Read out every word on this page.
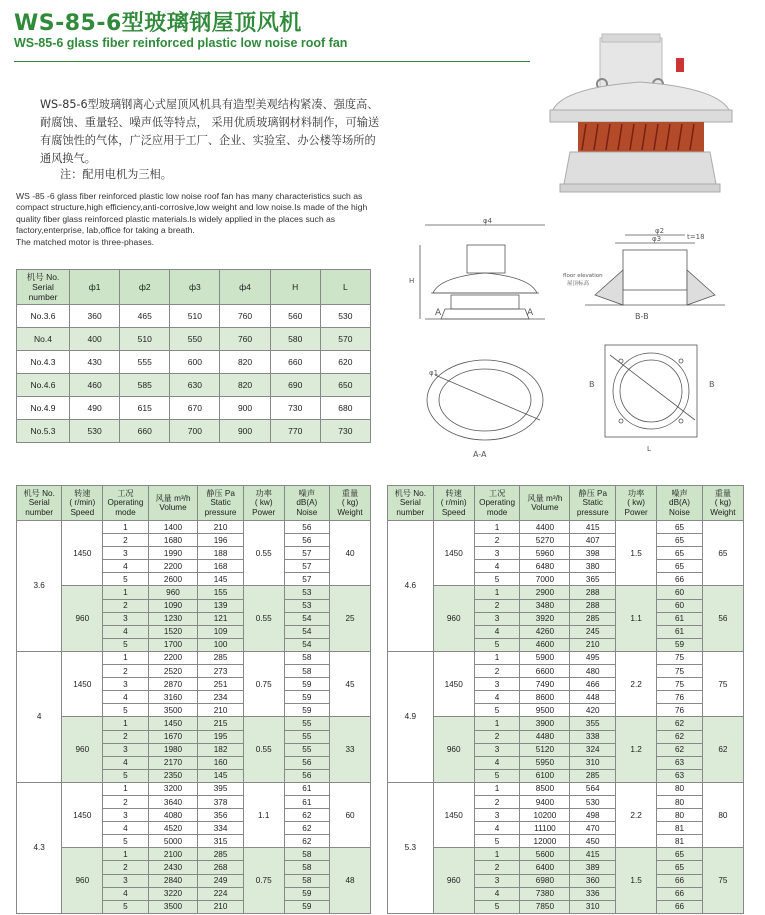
WS-85-6型玻璃钢屋顶风机
WS-85-6 glass fiber reinforced plastic low noise roof fan
WS-85-6型玻璃钢离心式屋顶风机具有造型美观结构紧凑、强度高、耐腐蚀、重量轻、噪声低等特点， 采用优质玻璃钢材料制作，可输送有腐蚀性的气体，广泛应用于工厂、企业、实验室、办公楼等场所的通风换气。
注：配用电机为三相。
WS -85 -6 glass fiber reinforced plastic low noise roof fan has many characteristics such as compact structure,high efficiency,anti-corrosive,low weight and low noise.Is made of the high quality fiber glass reinforced plastic materials.Is widely applied in the places such as factory,enterprise, lab,office for taking a breath.
The matched motor is three-phases.
φ4
H
A	A
φ2
φ3	t=18
floor elevation
屋顶标高
B-B
φ1
A-A
B	B
L
机号 No.
Serial
number	ф1	ф2	ф3	ф4	H	L
No.3.6	360	465	510	760	560	530
No.4	400	510	550	760	580	570
No.4.3	430	555	600	820	660	620
No.4.6	460	585	630	820	690	650
No.4.9	490	615	670	900	730	680
No.5.3	530	660	700	900	770	730
机号 No.
Serial
number	转速
( r/min)
Speed	工况
Operating
mode	风量 m³/h
Volume	静压 Pa
Static
pressure	功率
( kw)
Power	噪声
dB(A)
Noise	重量
( kg)
Weight
3.6	1450	1	1400	210	0.55	56	40
		2	1680	196		56	
		3	1990	188		57	
		4	2200	168		57	
		5	2600	145		57	
	960	1	960	155	0.55	53	25
		2	1090	139		53	
		3	1230	121		54	
		4	1520	109		54	
		5	1700	100		54	
4	1450	1	2200	285	0.75	58	45
		2	2520	273		58	
		3	2870	251		59	
		4	3160	234		59	
		5	3500	210		59	
	960	1	1450	215	0.55	55	33
		2	1670	195		55	
		3	1980	182		55	
		4	2170	160		56	
		5	2350	145		56	
4.3	1450	1	3200	395	1.1	61	60
		2	3640	378		61	
		3	4080	356		62	
		4	4520	334		62	
		5	5000	315		62	
	960	1	2100	285	0.75	58	48
		2	2430	268		58	
		3	2840	249		58	
		4	3220	224		59	
		5	3500	210		59	
机号 No.
Serial
number	转速
( r/min)
Speed	工况
Operating
mode	风量 m³/h
Volume	静压 Pa
Static
pressure	功率
( kw)
Power	噪声
dB(A)
Noise	重量
( kg)
Weight
4.6	1450	1	4400	415	1.5	65	65
		2	5270	407		65	
		3	5960	398		65	
		4	6480	380		65	
		5	7000	365		66	
	960	1	2900	288	1.1	60	56
		2	3480	288		60	
		3	3920	285		61	
		4	4260	245		61	
		5	4600	210		59	
4.9	1450	1	5900	495	2.2	75	75
		2	6600	480		75	
		3	7490	466		75	
		4	8600	448		76	
		5	9500	420		76	
	960	1	3900	355	1.2	62	62
		2	4480	338		62	
		3	5120	324		62	
		4	5950	310		63	
		5	6100	285		63	
5.3	1450	1	8500	564	2.2	80	80
		2	9400	530		80	
		3	10200	498		80	
		4	11100	470		81	
		5	12000	450		81	
	960	1	5600	415	1.5	65	75
		2	6400	389		65	
		3	6980	360		66	
		4	7380	336		66	
		5	7850	310		66	
